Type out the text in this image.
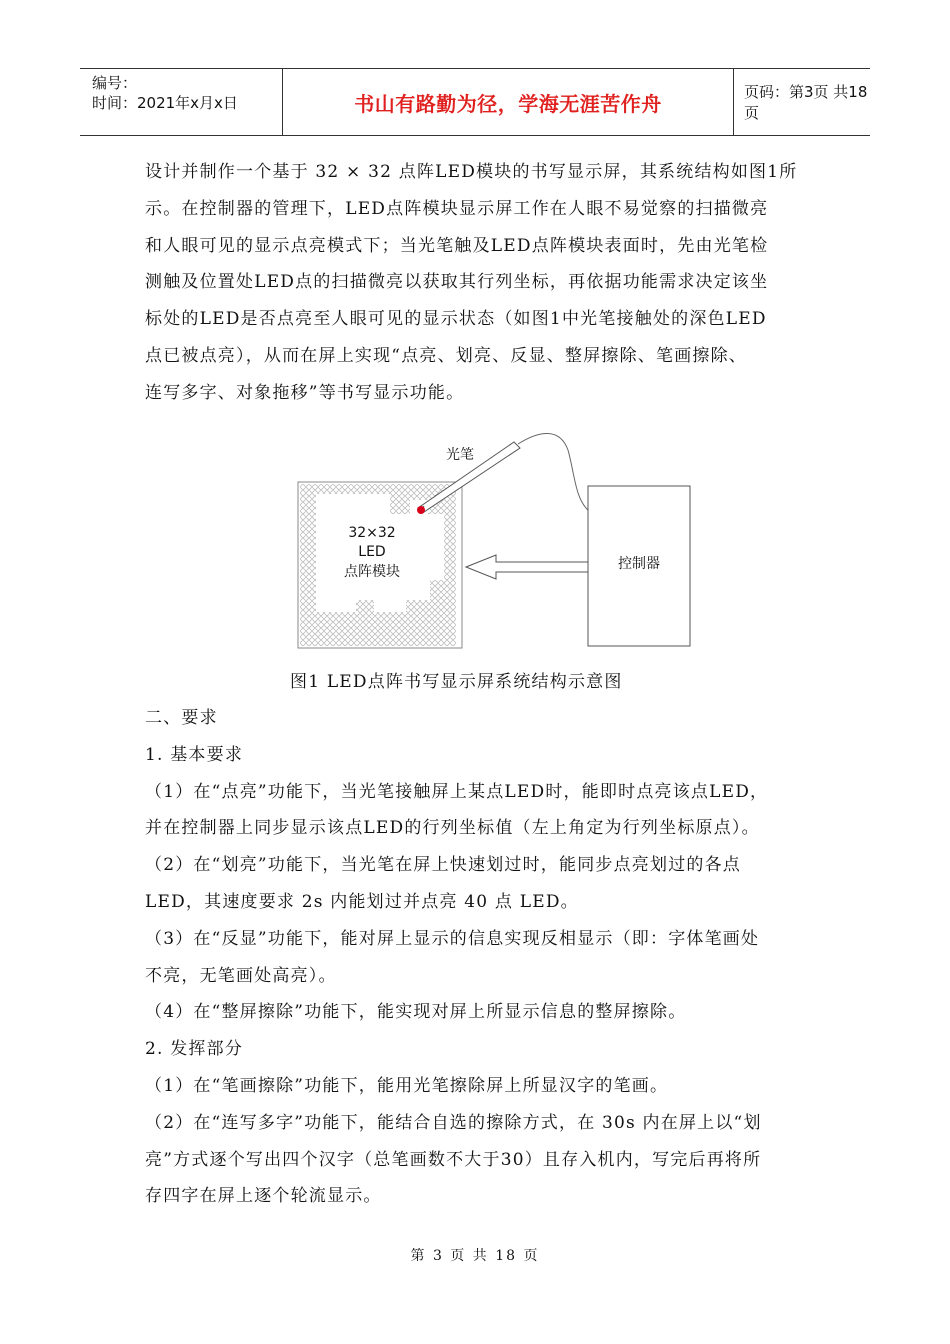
编号：
时间：2021年x月x日	书山有路勤为径，学海无涯苦作舟	页码：第3页 共18页
设计并制作一个基于 32 × 32 点阵LED模块的书写显示屏，其系统结构如图1所
示。在控制器的管理下，LED点阵模块显示屏工作在人眼不易觉察的扫描微亮
和人眼可见的显示点亮模式下；当光笔触及LED点阵模块表面时，先由光笔检
测触及位置处LED点的扫描微亮以获取其行列坐标，再依据功能需求决定该坐
标处的LED是否点亮至人眼可见的显示状态（如图1中光笔接触处的深色LED
点已被点亮），从而在屏上实现“点亮、划亮、反显、整屏擦除、笔画擦除、
连写多字、对象拖移”等书写显示功能。
光笔
32×32
LED
点阵模块	控制器
图1 LED点阵书写显示屏系统结构示意图
二、要求
1. 基本要求
（1）在“点亮”功能下，当光笔接触屏上某点LED时，能即时点亮该点LED，
并在控制器上同步显示该点LED的行列坐标值（左上角定为行列坐标原点）。
（2）在“划亮”功能下，当光笔在屏上快速划过时，能同步点亮划过的各点
LED，其速度要求 2s 内能划过并点亮 40 点 LED。
（3）在“反显”功能下，能对屏上显示的信息实现反相显示（即：字体笔画处
不亮，无笔画处高亮）。
（4）在“整屏擦除”功能下，能实现对屏上所显示信息的整屏擦除。
2. 发挥部分
（1）在“笔画擦除”功能下，能用光笔擦除屏上所显汉字的笔画。
（2）在“连写多字”功能下，能结合自选的擦除方式，在 30s 内在屏上以“划
亮”方式逐个写出四个汉字（总笔画数不大于30）且存入机内，写完后再将所
存四字在屏上逐个轮流显示。
第 3 页 共 18 页
